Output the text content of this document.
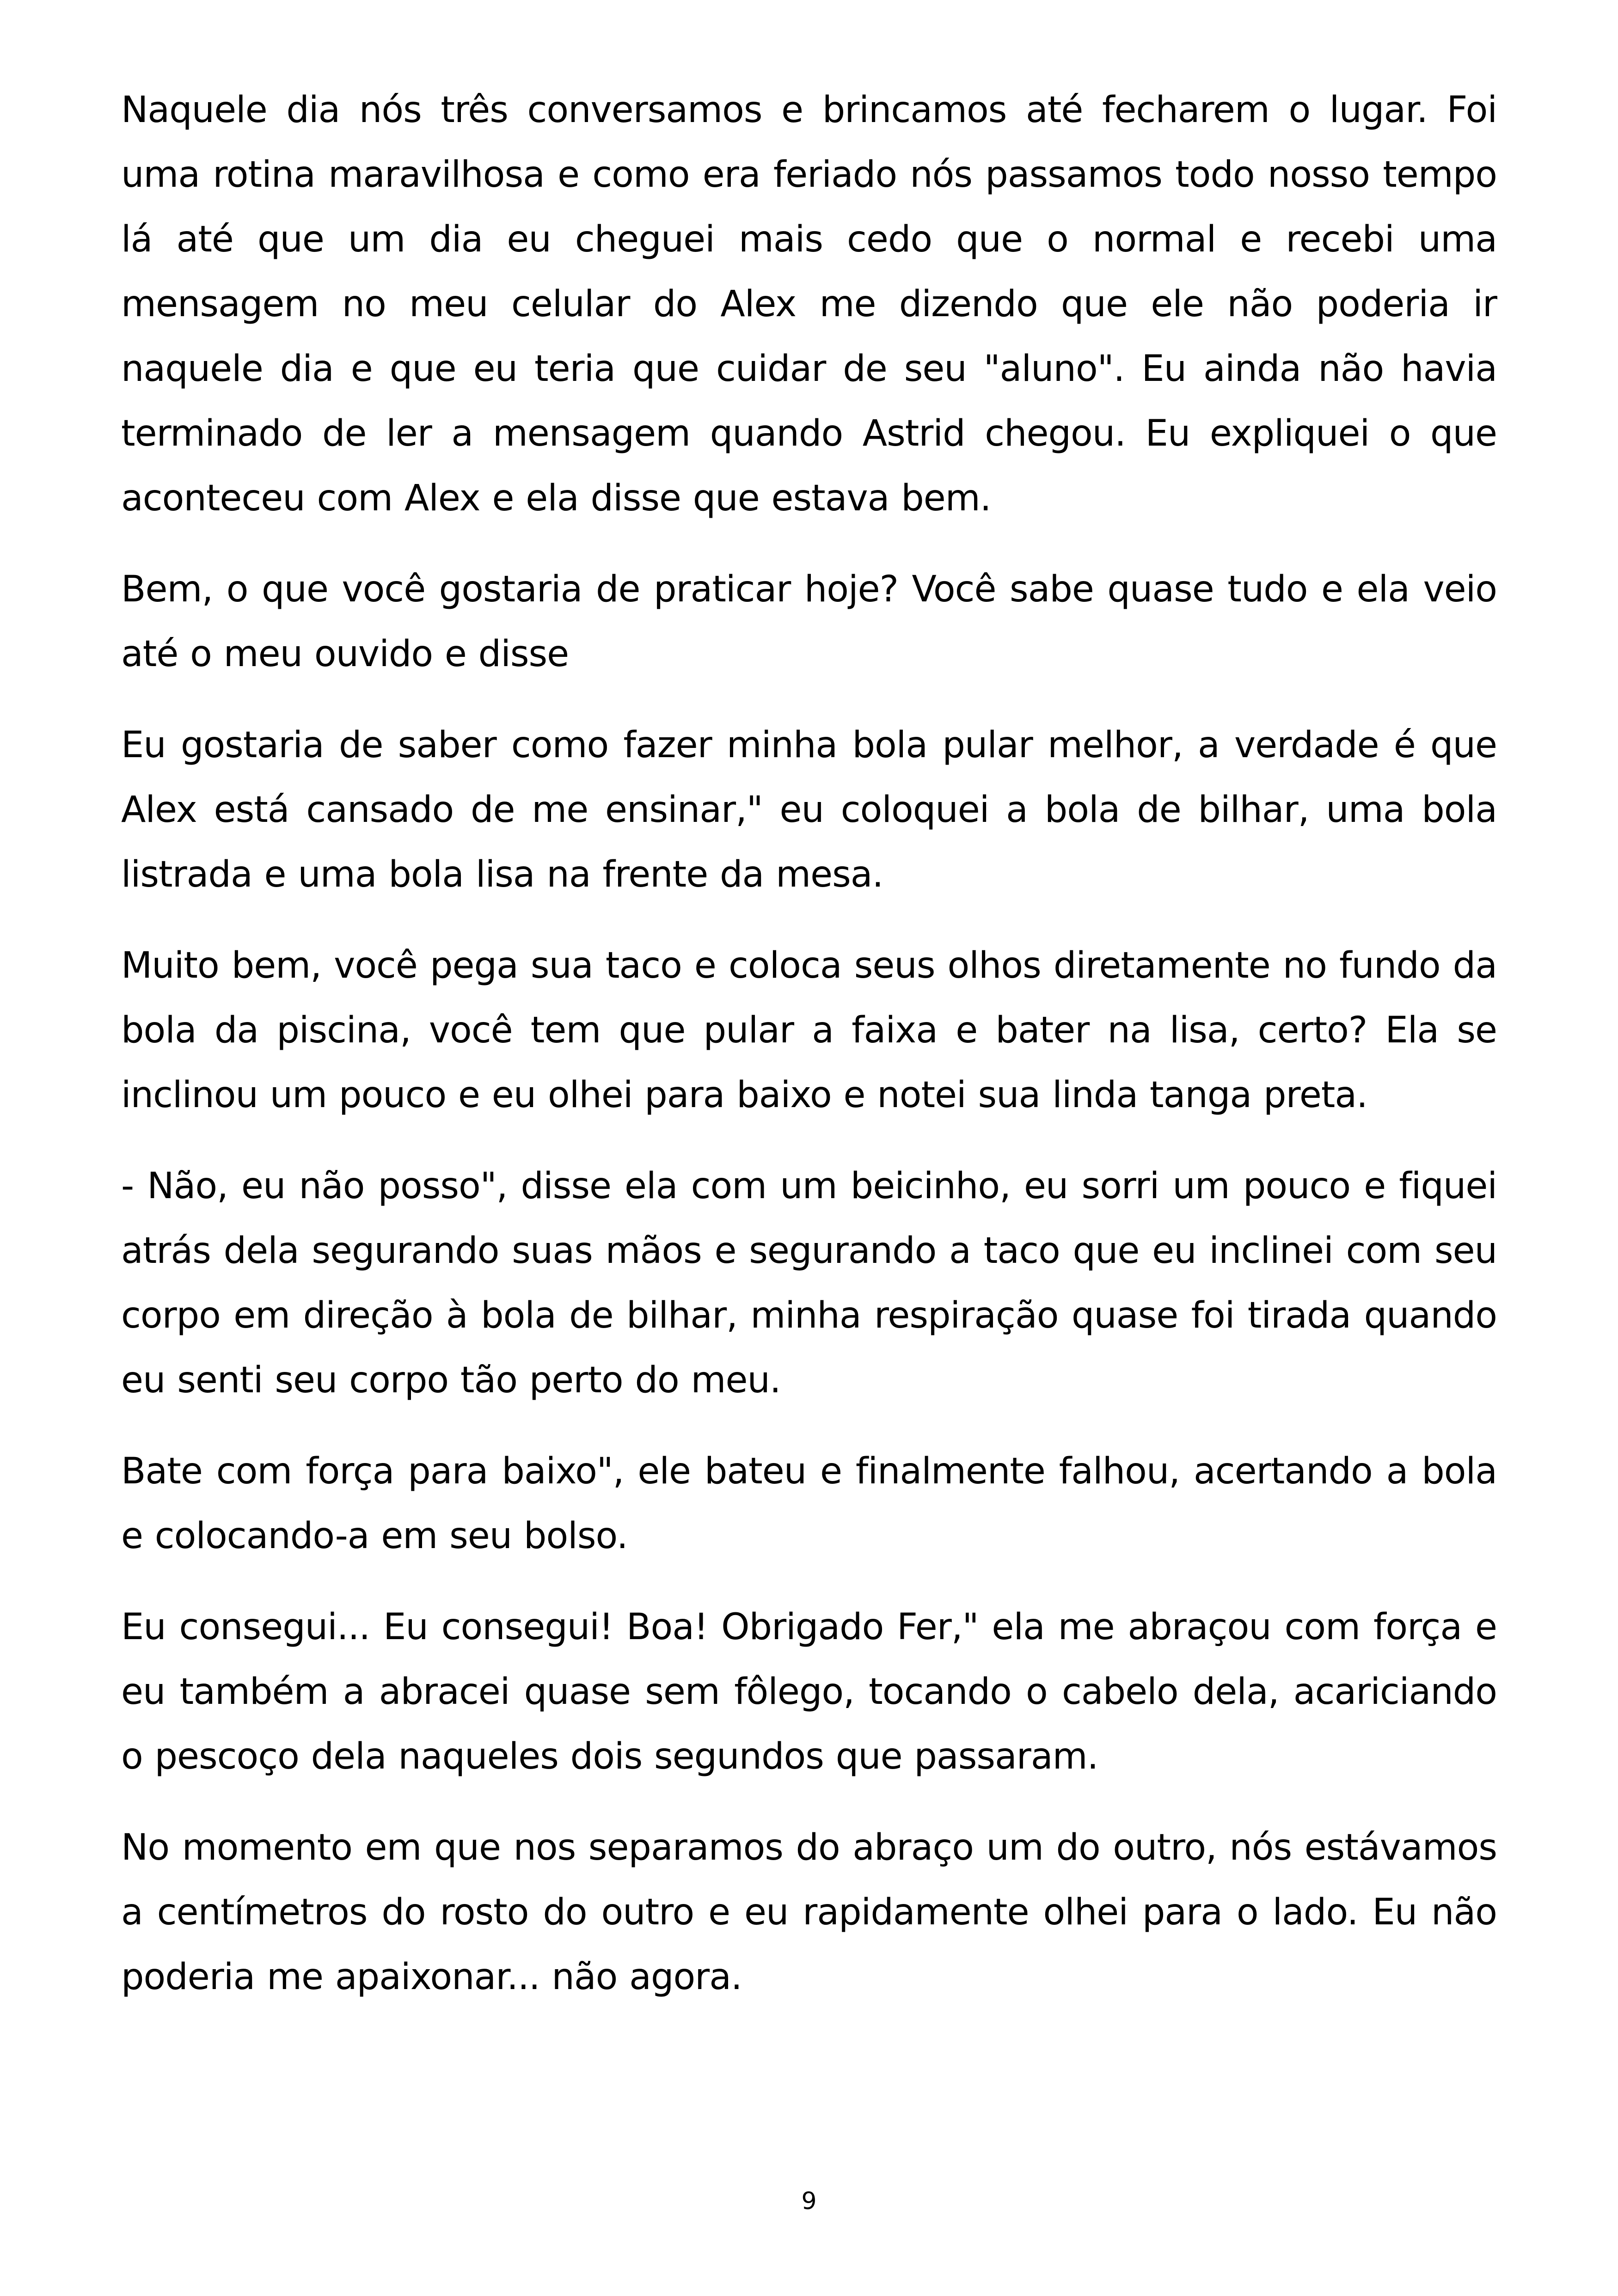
Naquele dia nós três conversamos e brincamos até fecharem o lugar. Foi uma rotina maravilhosa e como era feriado nós passamos todo nosso tempo lá até que um dia eu cheguei mais cedo que o normal e recebi uma mensagem no meu celular do Alex me dizendo que ele não poderia ir naquele dia e que eu teria que cuidar de seu "aluno". Eu ainda não havia terminado de ler a mensagem quando Astrid chegou. Eu expliquei o que aconteceu com Alex e ela disse que estava bem.

Bem, o que você gostaria de praticar hoje? Você sabe quase tudo e ela veio até o meu ouvido e disse

Eu gostaria de saber como fazer minha bola pular melhor, a verdade é que Alex está cansado de me ensinar," eu coloquei a bola de bilhar, uma bola listrada e uma bola lisa na frente da mesa.

Muito bem, você pega sua taco e coloca seus olhos diretamente no fundo da bola da piscina, você tem que pular a faixa e bater na lisa, certo? Ela se inclinou um pouco e eu olhei para baixo e notei sua linda tanga preta.

- Não, eu não posso", disse ela com um beicinho, eu sorri um pouco e fiquei atrás dela segurando suas mãos e segurando a taco que eu inclinei com seu corpo em direção à bola de bilhar, minha respiração quase foi tirada quando eu senti seu corpo tão perto do meu.

Bate com força para baixo", ele bateu e finalmente falhou, acertando a bola e colocando-a em seu bolso.

Eu consegui... Eu consegui! Boa! Obrigado Fer," ela me abraçou com força e eu também a abracei quase sem fôlego, tocando o cabelo dela, acariciando o pescoço dela naqueles dois segundos que passaram.

No momento em que nos separamos do abraço um do outro, nós estávamos a centímetros do rosto do outro e eu rapidamente olhei para o lado. Eu não poderia me apaixonar... não agora.

9
